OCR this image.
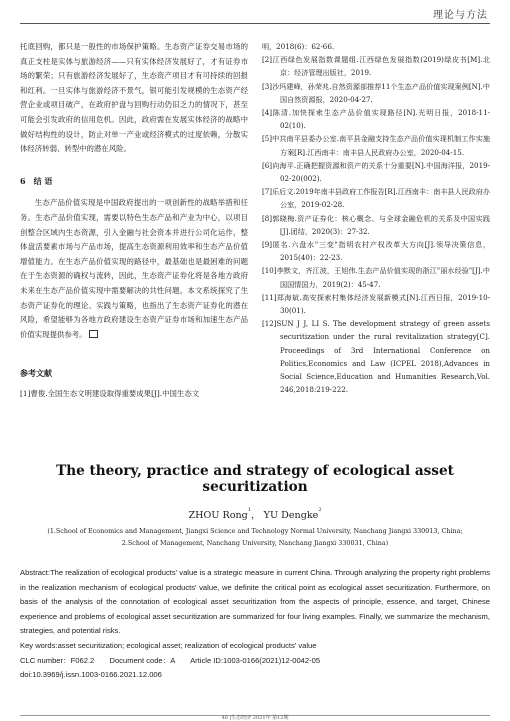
理论与方法

托底回购，都只是一般性的市场保护策略。生态资产证券交易市场的真正支柱是实体与旅游经济——只有实体经济发展好了，才有证券市场的繁荣；只有旅游经济发展好了，生态资产项目才有可持续的回报和红利。一旦实体与旅游经济不景气，银可能引发规模的生态资产经营企业或项目破产，在政府护盘与回购行动仍旧乏力的情况下，甚至可能会引发政府的信用危机。因此，政府需在发展实体经济的战略中做好结构性的设计，防止对单一产业或经济模式的过度依赖，分散实体经济转弱、转型中的潜在风险。

6　结 语

生态产品价值实现是中国政府提出的一项创新性的战略举措和任务。生态产品价值实现，需要以特色生态产品和产业为中心，以项目创整合区域内生态资源，引入金融与社会资本并进行公司化运作，整体盘活要素市场与产品市场，提高生态资源利用效率和生态产品价值增值能力。在生态产品价值实现的路径中，最基础也是最困难的问题在于生态资源的确权与流转，因此，生态资产证券化将是各地方政府未来在生态产品价值实现中需要解决的共性问题。本文系统探究了生态资产证券化的理论、实践与策略，也指出了生态资产证券化的潜在风险，希望能够为各地方政府建设生态资产证券市场和加速生态产品价值实现提供参考。

参考文献

[1]曹俊.全国生态文明建设取得重要成果[J].中国生态文

明，2018(6)：62-66.

[2]江西绿色发展指数课题组.江西绿色发展指数(2019)绿皮书[M].北京：经济管理出版社，2019.

[3]沙玛建峰，孙荣兆.自然资源部推荐11个生态产品价值实现案例[N].中国自然资源报，2020-04-27.

[4]陈清.加快探索生态产品价值实现路径[N].光明日报，2018-11-02(10).

[5]中共南平县委办公室.南平县金融支持生态产品价值实现机制工作实施方案[R].江西南丰：南丰县人民政府办公室，2020-04-15.

[6]向海平.正确把握资源和资产的关系十分重要[N].中国海洋报，2019-02-20(002).

[7]乐后文.2019年南丰县政府工作报告[R].江西南丰：南丰县人民政府办公室，2019-02-28.

[8]郭晓梅.资产证券化：核心概念、与全球金融危机的关系及中国实践[J].团结，2020(3)：27-32.

[9]匿名.六盘水"三变"指明农村产权改革大方向[J].领导决策信息，2015(40)：22-23.

[10]李默文，齐江波，王旭伟.生态产品价值实现的浙江"丽水经验"[J].中国国情国力，2019(2)：45-47.

[11]郑海斌.高安探索村集体经济发展新模式[N].江西日报，2019-10-30(01).

[12]SUN J J, LI S. The development strategy of green assets securitization under the rural revitalization strategy[C]. Proceedings of 3rd International Conference on Politics,Economics and Law (ICPEL 2018),Advances in Social Science,Education and Humanities Research,Vol. 246,2018:219-222.

The theory, practice and strategy of ecological asset securitization
ZHOU Rong$^1$， YU Dengke$^2$
(1.School of Economics and Management, Jiangxi Science and Technology Normal University, Nanchang Jiangxi 330013, China;
2.School of Management, Nanchang University, Nanchang Jiangxi 330031, China)

Abstract:The realization of ecological products' value is a strategic measure in current China. Through analyzing the property right problems in the realization mechanism of ecological products' value, we definite the critical point as ecological asset securitization. Furthermore, on basis of the analysis of the connotation of ecological asset securitization from the aspects of principle, essence, and target, Chinese experience and problems of ecological asset securitization are summarized for four living examples. Finally, we summarize the mechanism, strategies, and potential risks.

Key words:asset securitization; ecological asset; realization of ecological products' value

CLC number：F062.2　　Document code：A　　Article ID:1003-0166(2021)12-0042-05

doi:10.3969/j.issn.1003-0166.2021.12.006

46 |生态经济 2021年 第12期
